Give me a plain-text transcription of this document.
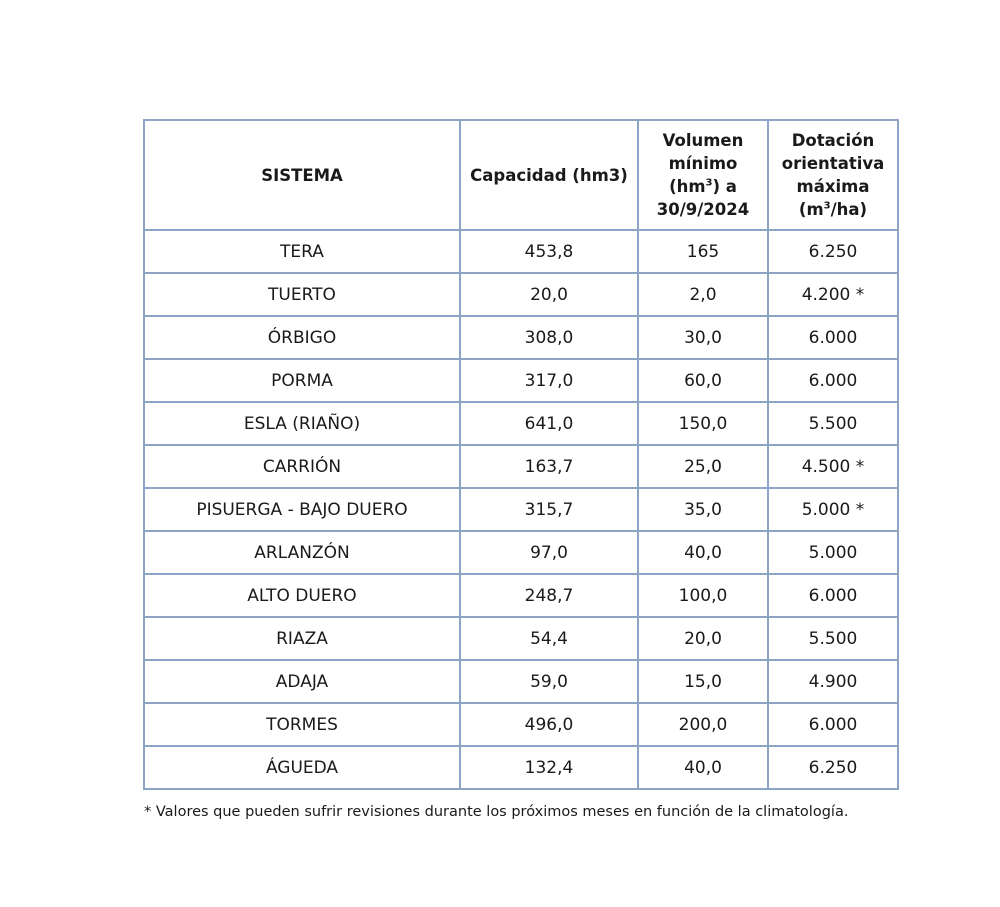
SISTEMA	Capacidad (hm3)	Volumen
mínimo
$(hm^3)$ a
30/9/2024	Dotación
orientativa
máxima
$(m^3/ha)$
TERA	453,8	165	6.250
TUERTO	20,0	2,0	4.200 *
ÓRBIGO	308,0	30,0	6.000
PORMA	317,0	60,0	6.000
ESLA (RIAÑO)	641,0	150,0	5.500
CARRIÓN	163,7	25,0	4.500 *
PISUERGA - BAJO DUERO	315,7	35,0	5.000 *
ARLANZÓN	97,0	40,0	5.000
ALTO DUERO	248,7	100,0	6.000
RIAZA	54,4	20,0	5.500
ADAJA	59,0	15,0	4.900
TORMES	496,0	200,0	6.000
ÁGUEDA	132,4	40,0	6.250
* Valores que pueden sufrir revisiones durante los próximos meses en función de la climatología.
